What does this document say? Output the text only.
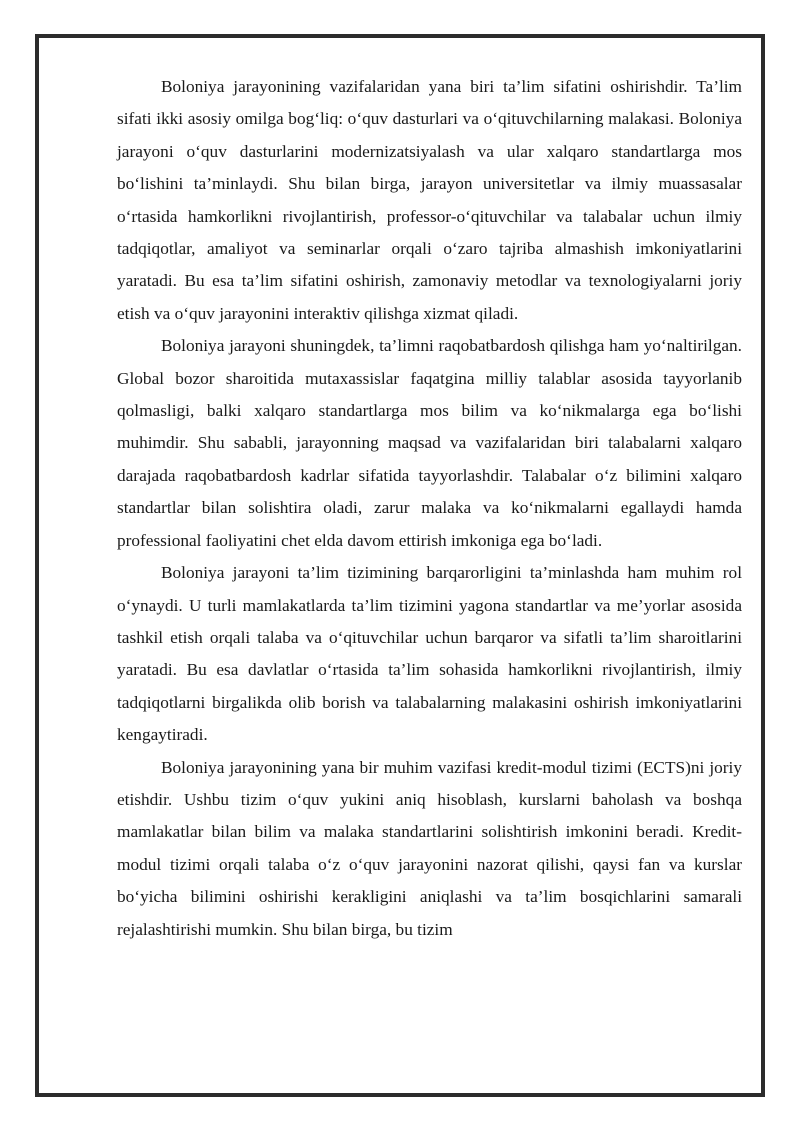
Boloniya jarayonining vazifalaridan yana biri ta’lim sifatini oshirishdir. Ta’lim sifati ikki asosiy omilga bog‘liq: o‘quv dasturlari va o‘qituvchilarning malakasi. Boloniya jarayoni o‘quv dasturlarini modernizatsiyalash va ular xalqaro standartlarga mos bo‘lishini ta’minlaydi. Shu bilan birga, jarayon universitetlar va ilmiy muassasalar o‘rtasida hamkorlikni rivojlantirish, professor-o‘qituvchilar va talabalar uchun ilmiy tadqiqotlar, amaliyot va seminarlar orqali o‘zaro tajriba almashish imkoniyatlarini yaratadi. Bu esa ta’lim sifatini oshirish, zamonaviy metodlar va texnologiyalarni joriy etish va o‘quv jarayonini interaktiv qilishga xizmat qiladi.

Boloniya jarayoni shuningdek, ta’limni raqobatbardosh qilishga ham yo‘naltirilgan. Global bozor sharoitida mutaxassislar faqatgina milliy talablar asosida tayyorlanib qolmasligi, balki xalqaro standartlarga mos bilim va ko‘nikmalarga ega bo‘lishi muhimdir. Shu sababli, jarayonning maqsad va vazifalaridan biri talabalarni xalqaro darajada raqobatbardosh kadrlar sifatida tayyorlashdir. Talabalar o‘z bilimini xalqaro standartlar bilan solishtira oladi, zarur malaka va ko‘nikmalarni egallaydi hamda professional faoliyatini chet elda davom ettirish imkoniga ega bo‘ladi.

Boloniya jarayoni ta’lim tizimining barqarorligini ta’minlashda ham muhim rol o‘ynaydi. U turli mamlakatlarda ta’lim tizimini yagona standartlar va me’yorlar asosida tashkil etish orqali talaba va o‘qituvchilar uchun barqaror va sifatli ta’lim sharoitlarini yaratadi. Bu esa davlatlar o‘rtasida ta’lim sohasida hamkorlikni rivojlantirish, ilmiy tadqiqotlarni birgalikda olib borish va talabalarning malakasini oshirish imkoniyatlarini kengaytiradi.

Boloniya jarayonining yana bir muhim vazifasi kredit-modul tizimi (ECTS)ni joriy etishdir. Ushbu tizim o‘quv yukini aniq hisoblash, kurslarni baholash va boshqa mamlakatlar bilan bilim va malaka standartlarini solishtirish imkonini beradi. Kredit-modul tizimi orqali talaba o‘z o‘quv jarayonini nazorat qilishi, qaysi fan va kurslar bo‘yicha bilimini oshirishi kerakligini aniqlashi va ta’lim bosqichlarini samarali rejalashtirishi mumkin. Shu bilan birga, bu tizim
